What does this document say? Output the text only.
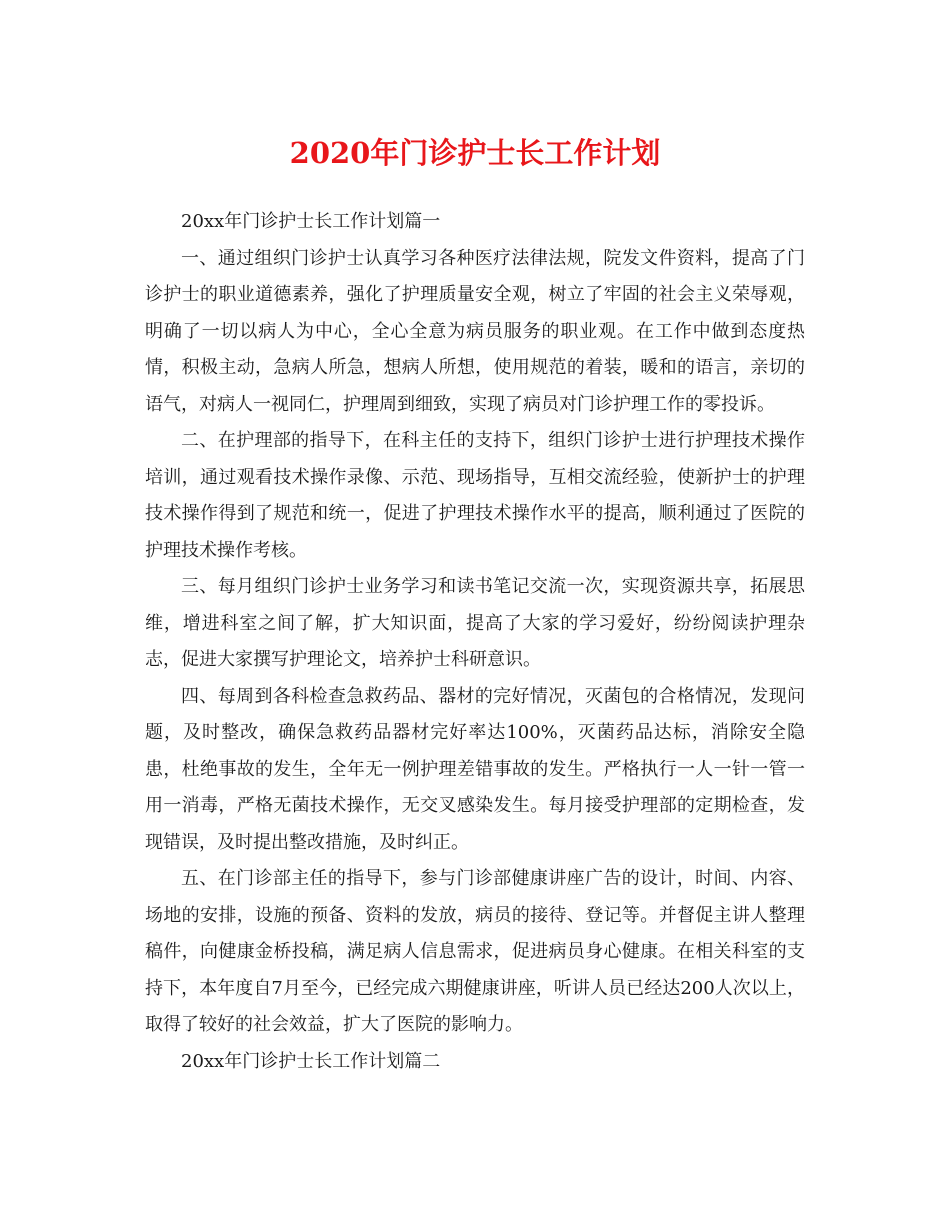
2020年门诊护士长工作计划

20xx年门诊护士长工作计划篇一

一、通过组织门诊护士认真学习各种医疗法律法规，院发文件资料，提高了门诊护士的职业道德素养，强化了护理质量安全观，树立了牢固的社会主义荣辱观，明确了一切以病人为中心，全心全意为病员服务的职业观。在工作中做到态度热情，积极主动，急病人所急，想病人所想，使用规范的着装，暖和的语言，亲切的语气，对病人一视同仁，护理周到细致，实现了病员对门诊护理工作的零投诉。

二、在护理部的指导下，在科主任的支持下，组织门诊护士进行护理技术操作培训，通过观看技术操作录像、示范、现场指导，互相交流经验，使新护士的护理技术操作得到了规范和统一，促进了护理技术操作水平的提高，顺利通过了医院的护理技术操作考核。

三、每月组织门诊护士业务学习和读书笔记交流一次，实现资源共享，拓展思维，增进科室之间了解，扩大知识面，提高了大家的学习爱好，纷纷阅读护理杂志，促进大家撰写护理论文，培养护士科研意识。

四、每周到各科检查急救药品、器材的完好情况，灭菌包的合格情况，发现问题，及时整改，确保急救药品器材完好率达100%，灭菌药品达标，消除安全隐患，杜绝事故的发生，全年无一例护理差错事故的发生。严格执行一人一针一管一用一消毒，严格无菌技术操作，无交叉感染发生。每月接受护理部的定期检查，发现错误，及时提出整改措施，及时纠正。

五、在门诊部主任的指导下，参与门诊部健康讲座广告的设计，时间、内容、场地的安排，设施的预备、资料的发放，病员的接待、登记等。并督促主讲人整理稿件，向健康金桥投稿，满足病人信息需求，促进病员身心健康。在相关科室的支持下，本年度自7月至今，已经完成六期健康讲座，听讲人员已经达200人次以上，取得了较好的社会效益，扩大了医院的影响力。

20xx年门诊护士长工作计划篇二
